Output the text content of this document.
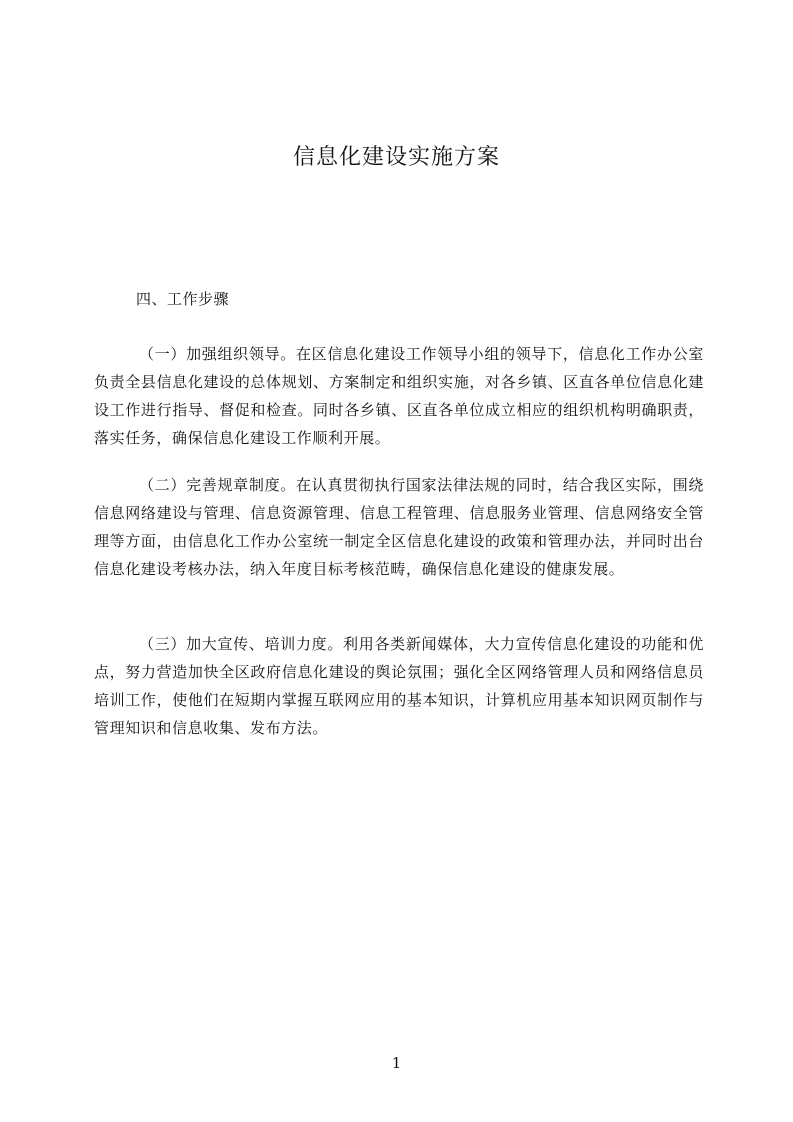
信息化建设实施方案
四、工作步骤
（一）加强组织领导。在区信息化建设工作领导小组的领导下，信息化工作办公室负责全县信息化建设的总体规划、方案制定和组织实施，对各乡镇、区直各单位信息化建设工作进行指导、督促和检查。同时各乡镇、区直各单位成立相应的组织机构明确职责，落实任务，确保信息化建设工作顺利开展。
（二）完善规章制度。在认真贯彻执行国家法律法规的同时，结合我区实际，围绕信息网络建设与管理、信息资源管理、信息工程管理、信息服务业管理、信息网络安全管理等方面，由信息化工作办公室统一制定全区信息化建设的政策和管理办法，并同时出台信息化建设考核办法，纳入年度目标考核范畴，确保信息化建设的健康发展。
（三）加大宣传、培训力度。利用各类新闻媒体，大力宣传信息化建设的功能和优点，努力营造加快全区政府信息化建设的舆论氛围；强化全区网络管理人员和网络信息员培训工作，使他们在短期内掌握互联网应用的基本知识，计算机应用基本知识网页制作与管理知识和信息收集、发布方法。
1
